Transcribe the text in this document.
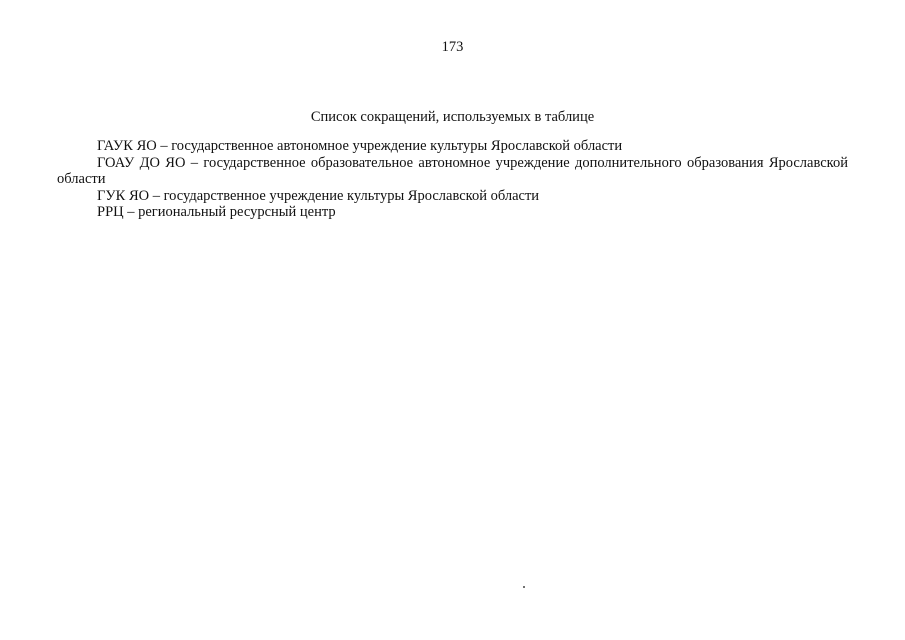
173
Список сокращений, используемых в таблице

ГАУК ЯО – государственное автономное учреждение культуры Ярославской области

ГОАУ ДО ЯО – государственное образовательное автономное учреждение дополнительного образования Ярославской области

ГУК ЯО – государственное учреждение культуры Ярославской области

РРЦ – региональный ресурсный центр
